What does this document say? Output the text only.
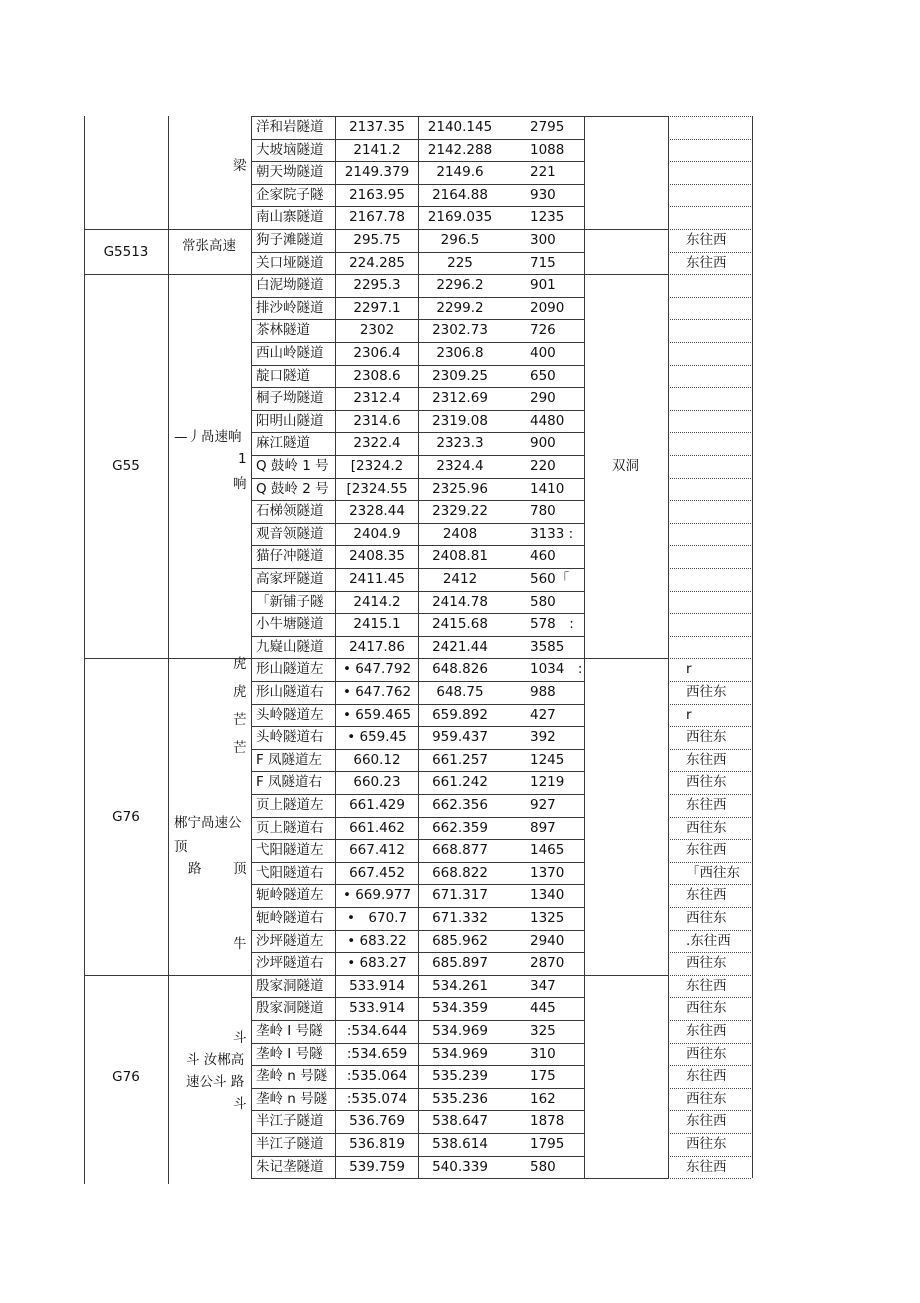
梁
洋和岩隧道	2137.35	2140.145	2795
大坡垴隧道	2141.2	2142.288	1088
朝天坳隧道	2149.379	2149.6	221
企家院子隧	2163.95	2164.88	930
南山寨隧道	2167.78	2169.035	1235
G5513	常张高速 狗子滩隧道	295.75	296.5	300	东往西
关口垭隧道	224.285	225	715	东往西
G55
—丿咼速响
1
响
双洞
白泥坳隧道	2295.3	2296.2	901
排沙岭隧道	2297.1	2299.2	2090
茶林隧道	2302	2302.73	726
西山岭隧道	2306.4	2306.8	400
靛口隧道	2308.6	2309.25	650
桐子坳隧道	2312.4	2312.69	290
阳明山隧道	2314.6	2319.08	4480
麻江隧道	2322.4	2323.3	900
Q 鼓岭 1 号	[2324.2	2324.4	220
Q 鼓岭 2 号	[2324.55	2325.96	1410
石梯领隧道	2328.44	2329.22	780
观音领隧道	2404.9	2408	3133 :
猫仔冲隧道	2408.35	2408.81	460
高家坪隧道	2411.45	2412	560「
「新铺子隧	2414.2	2414.78	580
小牛塘隧道	2415.1	2415.68	578　:
九嶷山隧道	2417.86	2421.44	3585
G76
虎
虎
芒
芒
郴宁咼速公
顶
路 顶
牛
形山隧道左	• 647.792	648.826	1034　:	r
形山隧道右	• 647.762	648.75	988	西往东
头岭隧道左	• 659.465	659.892	427	r
头岭隧道右	• 659.45	959.437	392	西往东
F 凤隧道左	660.12	661.257	1245	东往西
F 凤隧道右	660.23	661.242	1219	西往东
页上隧道左	661.429	662.356	927	东往西
页上隧道右	661.462	662.359	897	西往东
弋阳隧道左	667.412	668.877	1465	东往西
弋阳隧道右	667.452	668.822	1370	「西往东
轭岭隧道左	• 669.977	671.317	1340	东往西
轭岭隧道右	•　670.7	671.332	1325	西往东
沙坪隧道左	• 683.22	685.962	2940	.东往西
沙坪隧道右	• 683.27	685.897	2870	西往东
G76
斗
斗 汝郴高
速公斗 路
斗
殷家洞隧道	533.914	534.261	347	东往西
殷家洞隧道	533.914	534.359	445	西往东
垄岭 I 号隧	:534.644	534.969	325	东往西
垄岭 I 号隧	:534.659	534.969	310	西往东
垄岭 n 号隧	:535.064	535.239	175	东往西
垄岭 n 号隧	:535.074	535.236	162	西往东
半江子隧道	536.769	538.647	1878	东往西
半江子隧道	536.819	538.614	1795	西往东
朱记垄隧道	539.759	540.339	580	东往西
